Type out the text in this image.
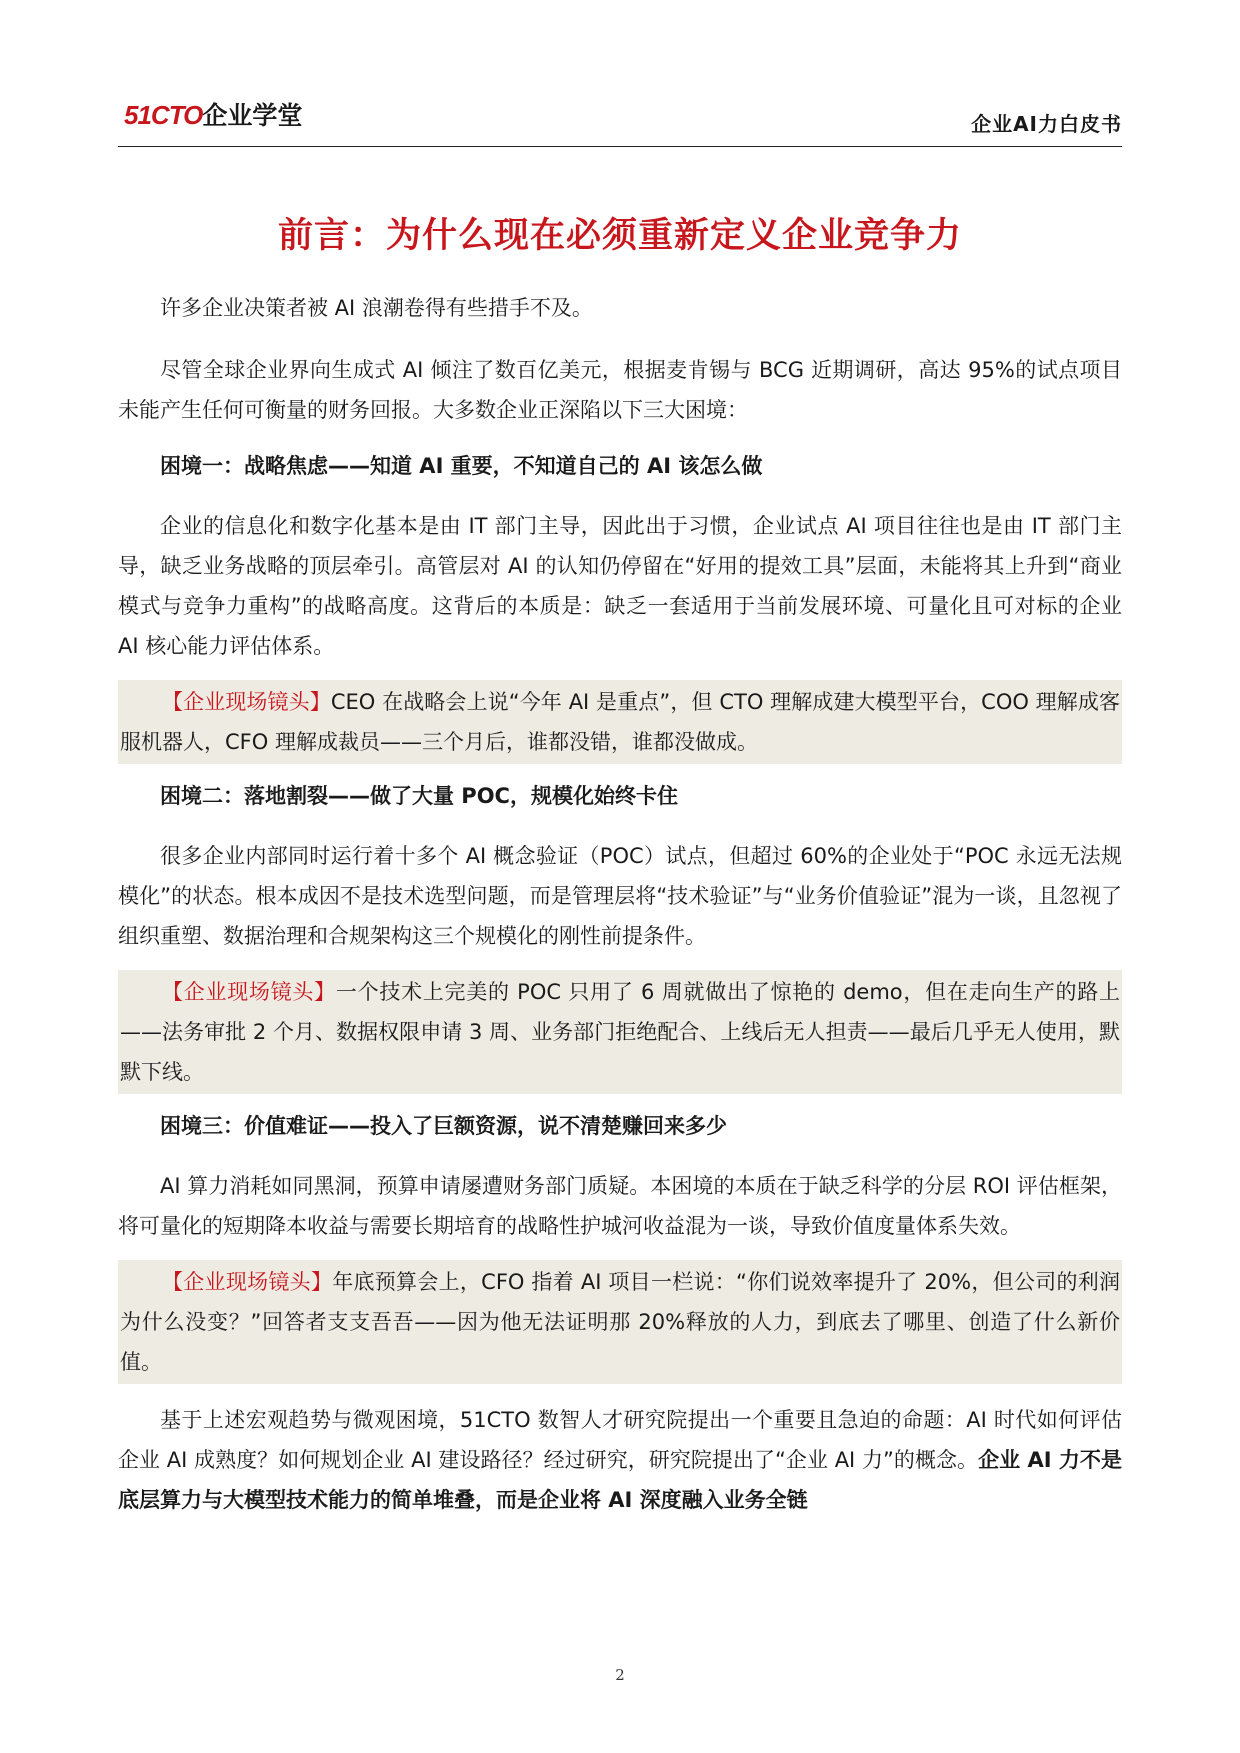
51CTO企业学堂	企业AI力白皮书
前言：为什么现在必须重新定义企业竞争力

许多企业决策者被 AI 浪潮卷得有些措手不及。

尽管全球企业界向生成式 AI 倾注了数百亿美元，根据麦肯锡与 BCG 近期调研，高达 95%的试点项目未能产生任何可衡量的财务回报。大多数企业正深陷以下三大困境：

困境一：战略焦虑——知道 AI 重要，不知道自己的 AI 该怎么做

企业的信息化和数字化基本是由 IT 部门主导，因此出于习惯，企业试点 AI 项目往往也是由 IT 部门主导，缺乏业务战略的顶层牵引。高管层对 AI 的认知仍停留在“好用的提效工具”层面，未能将其上升到“商业模式与竞争力重构”的战略高度。这背后的本质是：缺乏一套适用于当前发展环境、可量化且可对标的企业 AI 核心能力评估体系。

【企业现场镜头】CEO 在战略会上说“今年 AI 是重点”，但 CTO 理解成建大模型平台，COO 理解成客服机器人，CFO 理解成裁员——三个月后，谁都没错，谁都没做成。

困境二：落地割裂——做了大量 POC，规模化始终卡住

很多企业内部同时运行着十多个 AI 概念验证（POC）试点，但超过 60%的企业处于“POC 永远无法规模化”的状态。根本成因不是技术选型问题，而是管理层将“技术验证”与“业务价值验证”混为一谈，且忽视了组织重塑、数据治理和合规架构这三个规模化的刚性前提条件。

【企业现场镜头】一个技术上完美的 POC 只用了 6 周就做出了惊艳的 demo，但在走向生产的路上——法务审批 2 个月、数据权限申请 3 周、业务部门拒绝配合、上线后无人担责——最后几乎无人使用，默默下线。

困境三：价值难证——投入了巨额资源，说不清楚赚回来多少

AI 算力消耗如同黑洞，预算申请屡遭财务部门质疑。本困境的本质在于缺乏科学的分层 ROI 评估框架，将可量化的短期降本收益与需要长期培育的战略性护城河收益混为一谈，导致价值度量体系失效。

【企业现场镜头】年底预算会上，CFO 指着 AI 项目一栏说：“你们说效率提升了 20%，但公司的利润为什么没变？”回答者支支吾吾——因为他无法证明那 20%释放的人力，到底去了哪里、创造了什么新价值。

基于上述宏观趋势与微观困境，51CTO 数智人才研究院提出一个重要且急迫的命题：AI 时代如何评估企业 AI 成熟度？如何规划企业 AI 建设路径？经过研究，研究院提出了“企业 AI 力”的概念。企业 AI 力不是底层算力与大模型技术能力的简单堆叠，而是企业将 AI 深度融入业务全链

2
